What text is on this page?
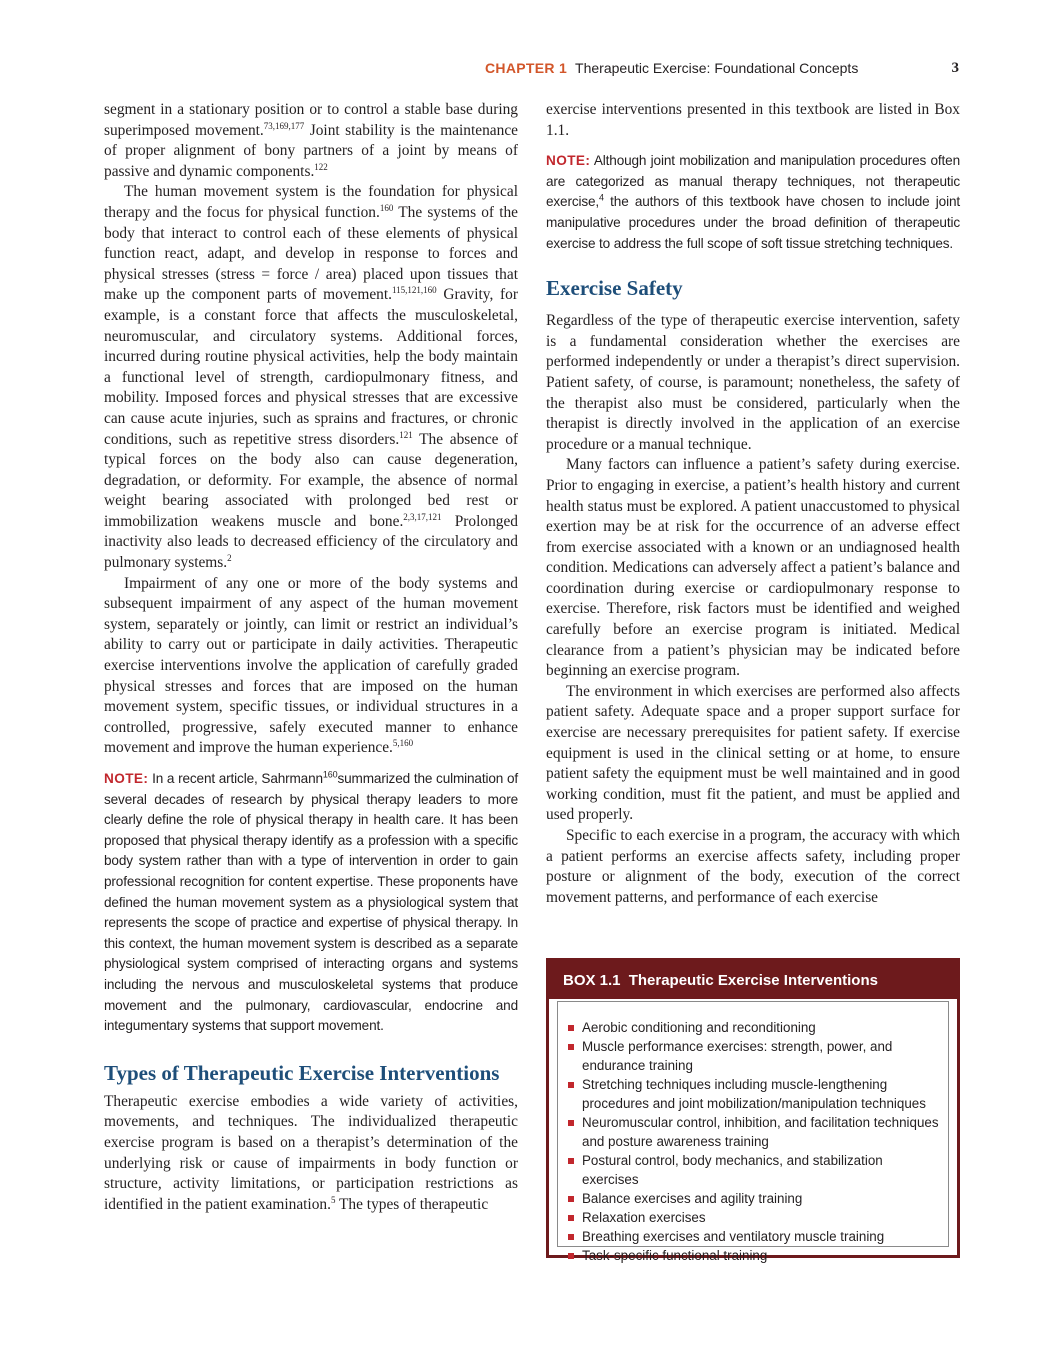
CHAPTER 1 Therapeutic Exercise: Foundational Concepts	3

segment in a stationary position or to control a stable base during superimposed movement.$^{73,169,177}$ Joint stability is the maintenance of proper alignment of bony partners of a joint by means of passive and dynamic components.$^{122}$

The human movement system is the foundation for physical therapy and the focus for physical function.$^{160}$ The systems of the body that interact to control each of these elements of physical function react, adapt, and develop in response to forces and physical stresses (stress = force / area) placed upon tissues that make up the component parts of movement.$^{115,121,160}$ Gravity, for example, is a constant force that affects the musculoskeletal, neuromuscular, and circulatory systems. Additional forces, incurred during routine physical activities, help the body maintain a functional level of strength, cardiopulmonary fitness, and mobility. Imposed forces and physical stresses that are excessive can cause acute injuries, such as sprains and fractures, or chronic conditions, such as repetitive stress disorders.$^{121}$ The absence of typical forces on the body also can cause degeneration, degradation, or deformity. For example, the absence of normal weight bearing associated with prolonged bed rest or immobilization weakens muscle and bone.$^{2,3,17,121}$ Prolonged inactivity also leads to decreased efficiency of the circulatory and pulmonary systems.$^2$

Impairment of any one or more of the body systems and subsequent impairment of any aspect of the human movement system, separately or jointly, can limit or restrict an individual’s ability to carry out or participate in daily activities. Therapeutic exercise interventions involve the application of carefully graded physical stresses and forces that are imposed on the human movement system, specific tissues, or individual structures in a controlled, progressive, safely executed manner to enhance movement and improve the human experience.$^{5,160}$

NOTE: In a recent article, Sahrmann$^{160}$summarized the culmination of several decades of research by physical therapy leaders to more clearly define the role of physical therapy in health care. It has been proposed that physical therapy identify as a profession with a specific body system rather than with a type of intervention in order to gain professional recognition for content expertise. These proponents have defined the human movement system as a physiological system that represents the scope of practice and expertise of physical therapy. In this context, the human movement system is described as a separate physiological system comprised of interacting organs and systems including the nervous and musculoskeletal systems that produce movement and the pulmonary, cardiovascular, endocrine and integumentary systems that support movement.

Types of Therapeutic Exercise Interventions

Therapeutic exercise embodies a wide variety of activities, movements, and techniques. The individualized therapeutic exercise program is based on a therapist’s determination of the underlying risk or cause of impairments in body function or structure, activity limitations, or participation restrictions as identified in the patient examination.$^5$ The types of therapeutic

exercise interventions presented in this textbook are listed in Box 1.1.

NOTE: Although joint mobilization and manipulation procedures often are categorized as manual therapy techniques, not therapeutic exercise,$^4$ the authors of this textbook have chosen to include joint manipulative procedures under the broad definition of therapeutic exercise to address the full scope of soft tissue stretching techniques.

Exercise Safety

Regardless of the type of therapeutic exercise intervention, safety is a fundamental consideration whether the exercises are performed independently or under a therapist’s direct supervision. Patient safety, of course, is paramount; nonetheless, the safety of the therapist also must be considered, particularly when the therapist is directly involved in the application of an exercise procedure or a manual technique.

Many factors can influence a patient’s safety during exercise. Prior to engaging in exercise, a patient’s health history and current health status must be explored. A patient unaccustomed to physical exertion may be at risk for the occurrence of an adverse effect from exercise associated with a known or an undiagnosed health condition. Medications can adversely affect a patient’s balance and coordination during exercise or cardiopulmonary response to exercise. Therefore, risk factors must be identified and weighed carefully before an exercise program is initiated. Medical clearance from a patient’s physician may be indicated before beginning an exercise program.

The environment in which exercises are performed also affects patient safety. Adequate space and a proper support surface for exercise are necessary prerequisites for patient safety. If exercise equipment is used in the clinical setting or at home, to ensure patient safety the equipment must be well maintained and in good working condition, must fit the patient, and must be applied and used properly.

Specific to each exercise in a program, the accuracy with which a patient performs an exercise affects safety, including proper posture or alignment of the body, execution of the correct movement patterns, and performance of each exercise

BOX 1.1 Therapeutic Exercise Interventions
Aerobic conditioning and reconditioning
Muscle performance exercises: strength, power, and endurance training
Stretching techniques including muscle-lengthening procedures and joint mobilization/manipulation techniques
Neuromuscular control, inhibition, and facilitation techniques and posture awareness training
Postural control, body mechanics, and stabilization exercises
Balance exercises and agility training
Relaxation exercises
Breathing exercises and ventilatory muscle training
Task-specific functional training
